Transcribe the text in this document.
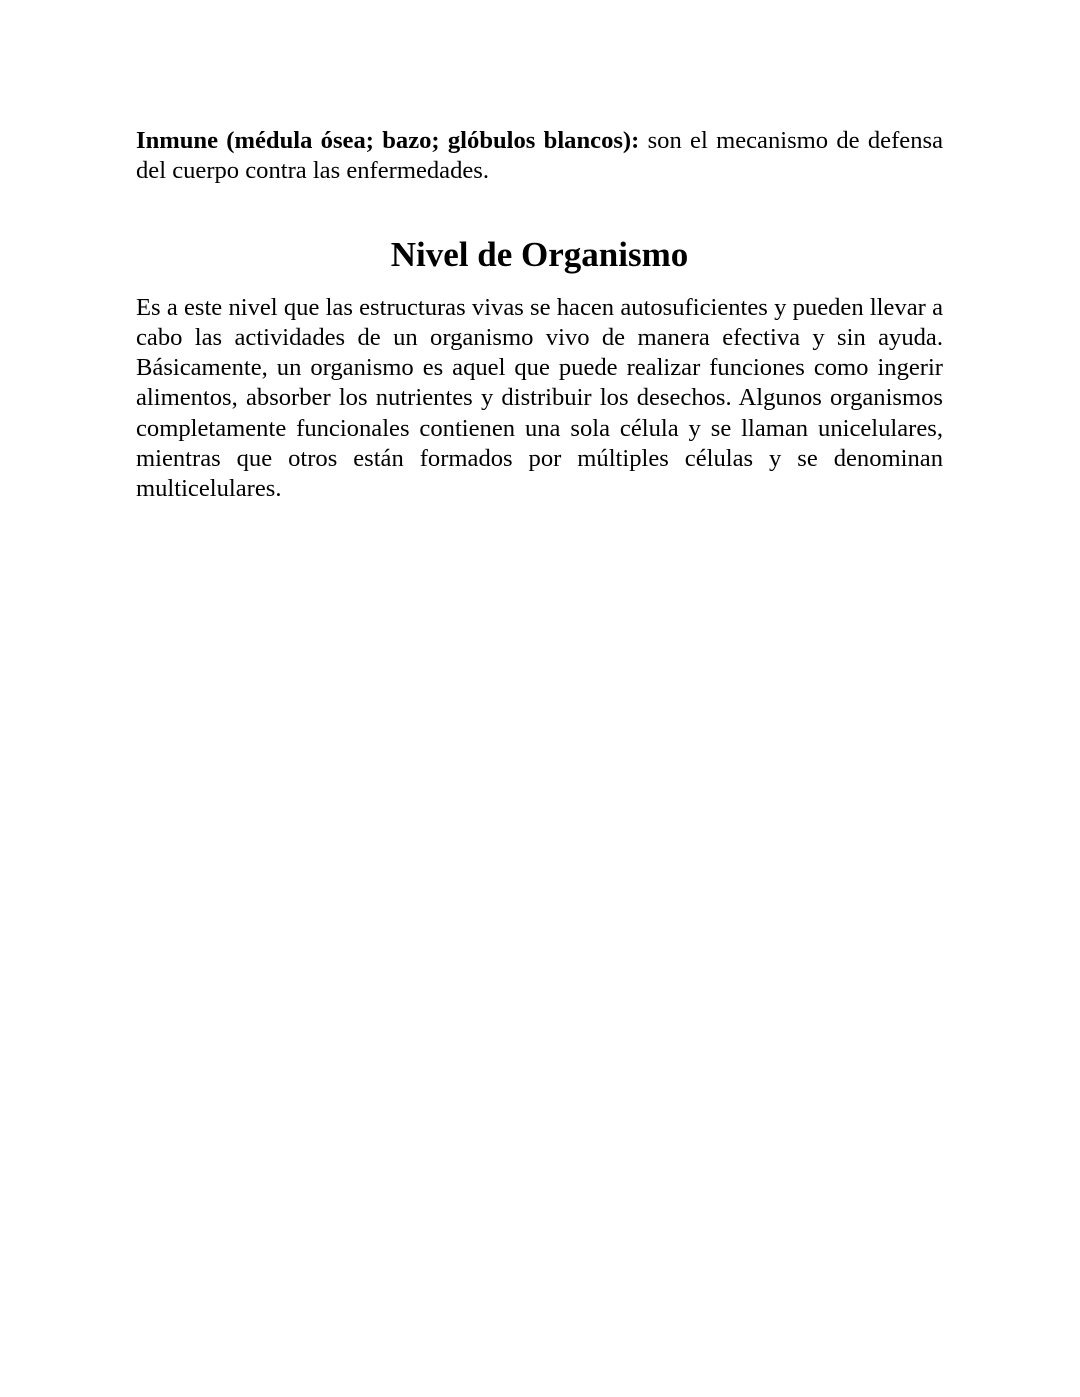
Inmune (médula ósea; bazo; glóbulos blancos): son el mecanismo de defensa del cuerpo contra las enfermedades.

Nivel de Organismo

Es a este nivel que las estructuras vivas se hacen autosuficientes y pueden llevar a cabo las actividades de un organismo vivo de manera efectiva y sin ayuda. Básicamente, un organismo es aquel que puede realizar funciones como ingerir alimentos, absorber los nutrientes y distribuir los desechos. Algunos organismos completamente funcionales contienen una sola célula y se llaman unicelulares, mientras que otros están formados por múltiples células y se denominan multicelulares.
